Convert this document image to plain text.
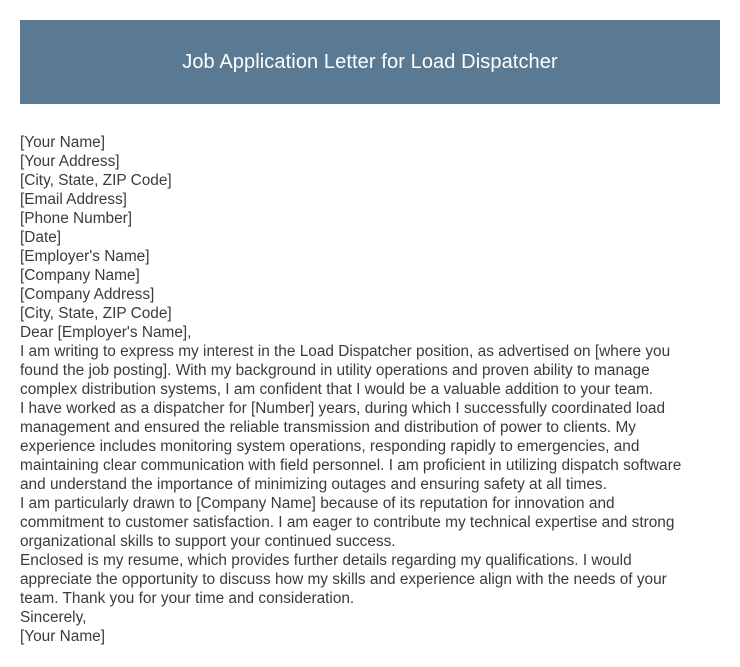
Job Application Letter for Load Dispatcher
[Your Name]
[Your Address]
[City, State, ZIP Code]
[Email Address]
[Phone Number]
[Date]
[Employer's Name]
[Company Name]
[Company Address]
[City, State, ZIP Code]
Dear [Employer's Name],
I am writing to express my interest in the Load Dispatcher position, as advertised on [where you
found the job posting]. With my background in utility operations and proven ability to manage
complex distribution systems, I am confident that I would be a valuable addition to your team.
I have worked as a dispatcher for [Number] years, during which I successfully coordinated load
management and ensured the reliable transmission and distribution of power to clients. My
experience includes monitoring system operations, responding rapidly to emergencies, and
maintaining clear communication with field personnel. I am proficient in utilizing dispatch software
and understand the importance of minimizing outages and ensuring safety at all times.
I am particularly drawn to [Company Name] because of its reputation for innovation and
commitment to customer satisfaction. I am eager to contribute my technical expertise and strong
organizational skills to support your continued success.
Enclosed is my resume, which provides further details regarding my qualifications. I would
appreciate the opportunity to discuss how my skills and experience align with the needs of your
team. Thank you for your time and consideration.
Sincerely,
[Your Name]
